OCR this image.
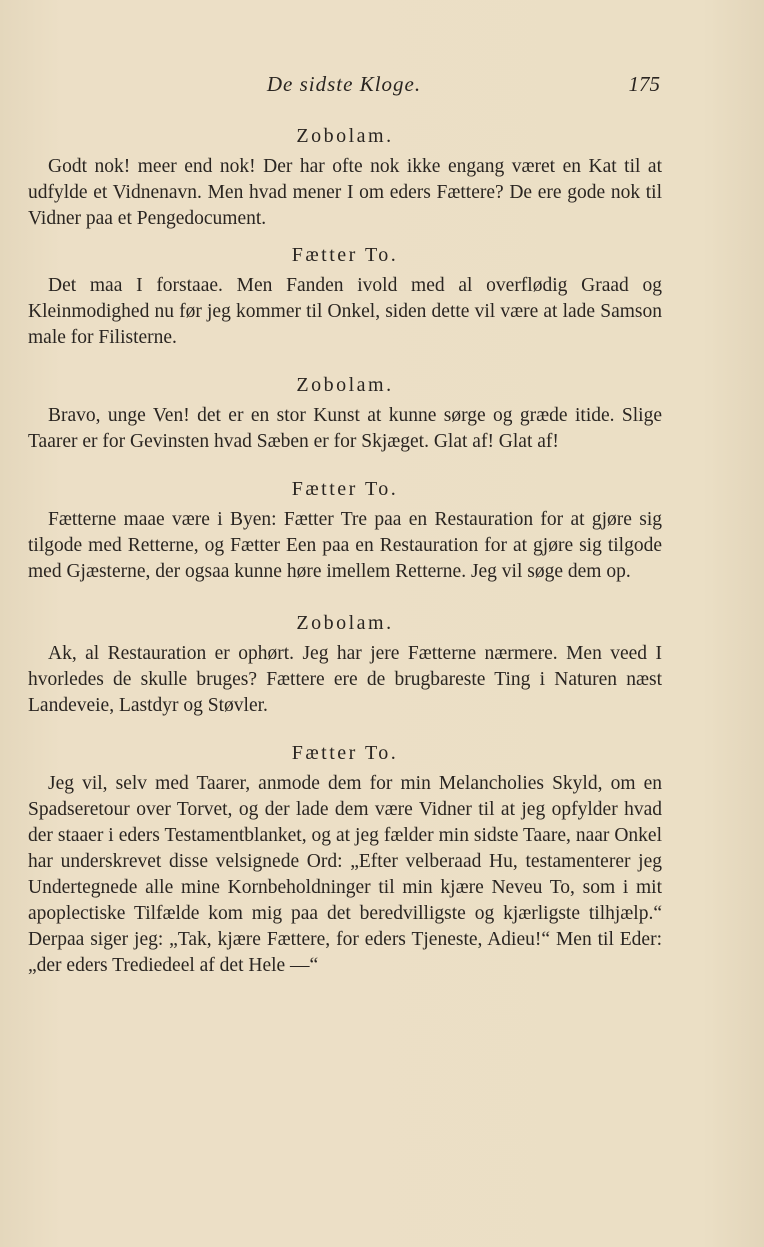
De sidste Kloge.	175
Zobolam.

Godt nok! meer end nok! Der har ofte nok ikke engang været en Kat til at udfylde et Vidnenavn. Men hvad mener I om eders Fættere? De ere gode nok til Vidner paa et Pengedocument.

Fætter To.

Det maa I forstaae. Men Fanden ivold med al overflødig Graad og Kleinmodighed nu før jeg kommer til Onkel, siden dette vil være at lade Samson male for Filisterne.

Zobolam.

Bravo, unge Ven! det er en stor Kunst at kunne sørge og græde itide. Slige Taarer er for Gevinsten hvad Sæben er for Skjæget. Glat af! Glat af!

Fætter To.

Fætterne maae være i Byen: Fætter Tre paa en Restauration for at gjøre sig tilgode med Retterne, og Fætter Een paa en Restauration for at gjøre sig tilgode med Gjæsterne, der ogsaa kunne høre imellem Retterne. Jeg vil søge dem op.

Zobolam.

Ak, al Restauration er ophørt. Jeg har jere Fætterne nærmere. Men veed I hvorledes de skulle bruges? Fættere ere de brugbareste Ting i Naturen næst Landeveie, Lastdyr og Støvler.

Fætter To.

Jeg vil, selv med Taarer, anmode dem for min Melancholies Skyld, om en Spadseretour over Torvet, og der lade dem være Vidner til at jeg opfylder hvad der staaer i eders Testamentblanket, og at jeg fælder min sidste Taare, naar Onkel har underskrevet disse velsignede Ord: „Efter velberaad Hu, testamenterer jeg Undertegnede alle mine Kornbeholdninger til min kjære Neveu To, som i mit apoplectiske Tilfælde kom mig paa det beredvilligste og kjærligste tilhjælp.“ Derpaa siger jeg: „Tak, kjære Fættere, for eders Tjeneste, Adieu!“ Men til Eder: „der eders Trediedeel af det Hele —“
